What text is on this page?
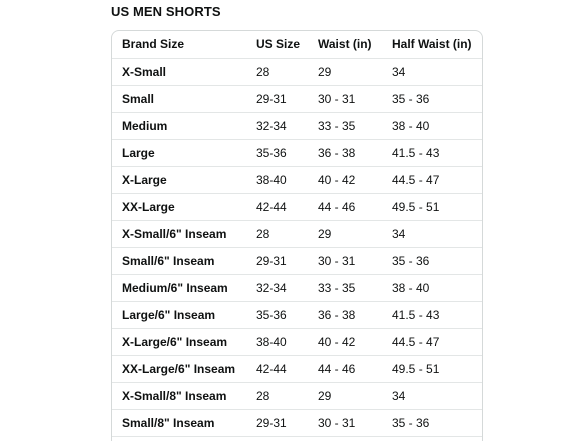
US MEN SHORTS
Brand Size	US Size	Waist (in)	Half Waist (in)
X-Small	28	29	34
Small	29-31	30 - 31	35 - 36
Medium	32-34	33 - 35	38 - 40
Large	35-36	36 - 38	41.5 - 43
X-Large	38-40	40 - 42	44.5 - 47
XX-Large	42-44	44 - 46	49.5 - 51
X-Small/6" Inseam	28	29	34
Small/6" Inseam	29-31	30 - 31	35 - 36
Medium/6" Inseam	32-34	33 - 35	38 - 40
Large/6" Inseam	35-36	36 - 38	41.5 - 43
X-Large/6" Inseam	38-40	40 - 42	44.5 - 47
XX-Large/6" Inseam	42-44	44 - 46	49.5 - 51
X-Small/8" Inseam	28	29	34
Small/8" Inseam	29-31	30 - 31	35 - 36
